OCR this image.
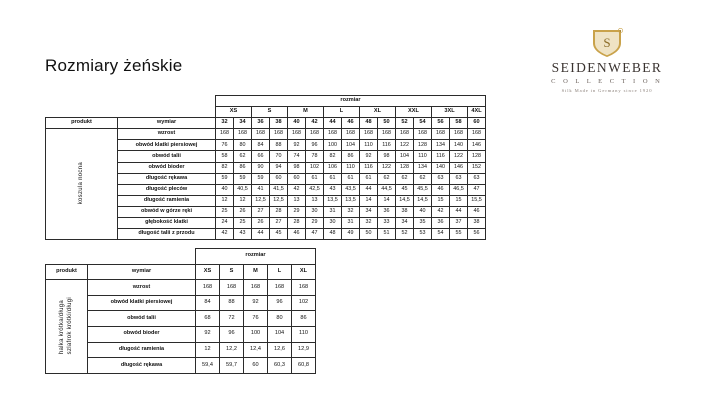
Rozmiary żeńskie
S
R
SEIDENWEBER
C O L L E C T I O N
Silk Made in Germany since 1920
		rozmiar														
		XS		S		M		L		XL		XXL		3XL		4XL
produkt	wymiar	32	34	36	38	40	42	44	46	48	50	52	54	56	58	60
koszula nocna	wzrost	168	168	168	168	168	168	168	168	168	168	168	168	168	168	168
	obwód klatki piersiowej	76	80	84	88	92	96	100	104	110	116	122	128	134	140	146
	obwód talii	58	62	66	70	74	78	82	86	92	98	104	110	116	122	128
	obwód bioder	82	86	90	94	98	102	106	110	116	122	128	134	140	146	152
	długość rękawa	59	59	59	60	60	61	61	61	61	62	62	62	63	63	63
	długość pleców	40	40,5	41	41,5	42	42,5	43	43,5	44	44,5	45	45,5	46	46,5	47
	długość ramienia	12	12	12,5	12,5	13	13	13,5	13,5	14	14	14,5	14,5	15	15	15,5
	obwód w górze ręki	25	26	27	28	29	30	31	32	34	36	38	40	42	44	46
	głębokość klatki	24	25	26	27	28	29	30	31	32	33	34	35	36	37	38
	długość talii z przodu	42	43	44	45	46	47	48	49	50	51	52	53	54	55	56
		rozmiar				
produkt	wymiar	XS	S	M	L	XL
halka krótka/długa szlafrok krótki/długi	wzrost	168	168	168	168	168
	obwód klatki piersiowej	84	88	92	96	102
	obwód talii	68	72	76	80	86
	obwód bioder	92	96	100	104	110
	długość ramienia	12	12,2	12,4	12,6	12,9
	długość rękawa	59,4	59,7	60	60,3	60,8
